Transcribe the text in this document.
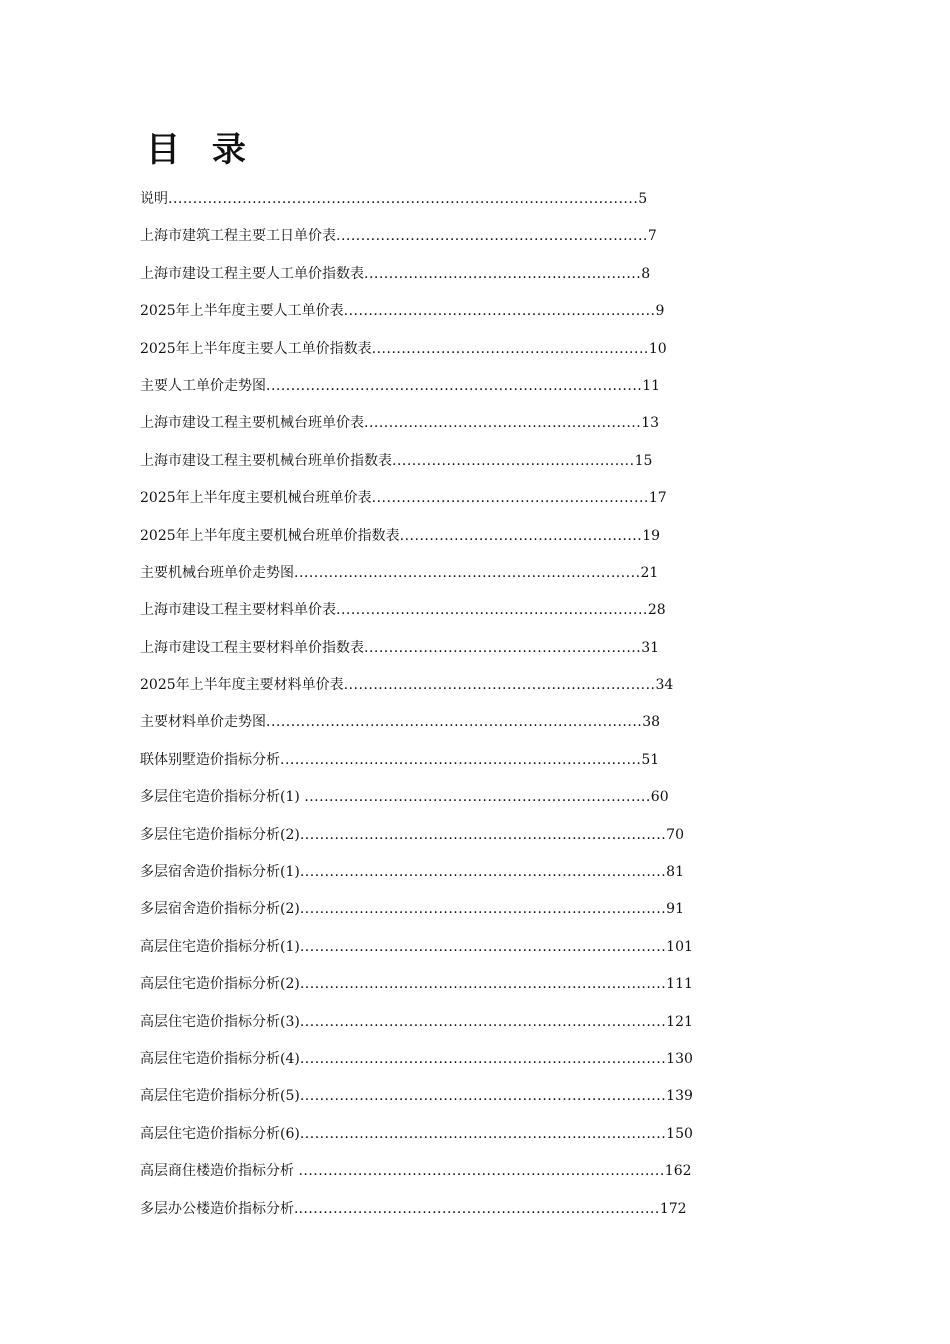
目 录
说明...............................................................................................5
上海市建筑工程主要工日单价表...............................................................7
上海市建设工程主要人工单价指数表........................................................8
2025年上半年度主要人工单价表...............................................................9
2025年上半年度主要人工单价指数表........................................................10
主要人工单价走势图............................................................................11
上海市建设工程主要机械台班单价表........................................................13
上海市建设工程主要机械台班单价指数表.................................................15
2025年上半年度主要机械台班单价表........................................................17
2025年上半年度主要机械台班单价指数表.................................................19
主要机械台班单价走势图......................................................................21
上海市建设工程主要材料单价表...............................................................28
上海市建设工程主要材料单价指数表........................................................31
2025年上半年度主要材料单价表...............................................................34
主要材料单价走势图............................................................................38
联体别墅造价指标分析.........................................................................51
多层住宅造价指标分析(1) ......................................................................60
多层住宅造价指标分析(2)..........................................................................70
多层宿舍造价指标分析(1)..........................................................................81
多层宿舍造价指标分析(2)..........................................................................91
高层住宅造价指标分析(1)..........................................................................101
高层住宅造价指标分析(2)..........................................................................111
高层住宅造价指标分析(3)..........................................................................121
高层住宅造价指标分析(4)..........................................................................130
高层住宅造价指标分析(5)..........................................................................139
高层住宅造价指标分析(6)..........................................................................150
高层商住楼造价指标分析 ..........................................................................162
多层办公楼造价指标分析..........................................................................172
